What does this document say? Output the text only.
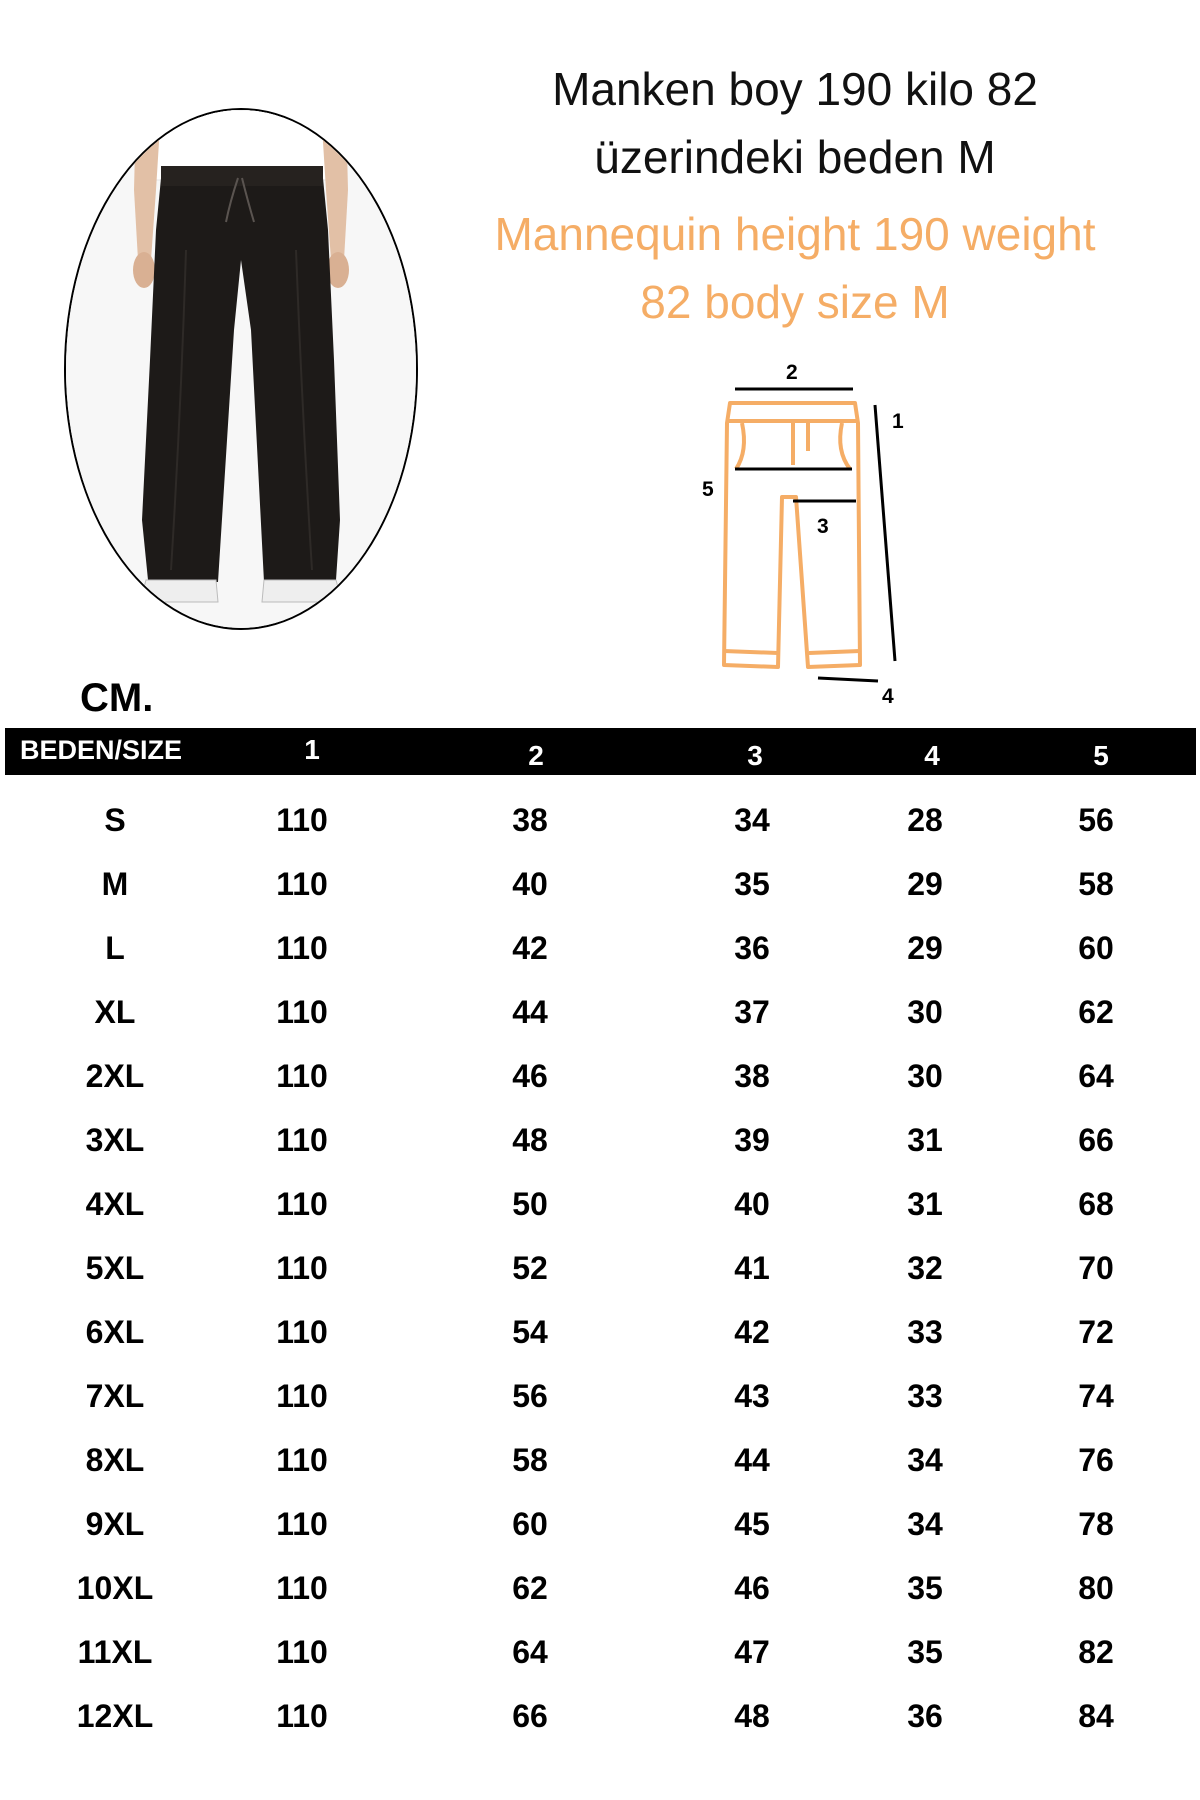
Manken boy 190 kilo 82
üzerindeki beden M
Mannequin height 190 weight
82 body size M
2
1
5
3
4
CM.
BEDEN/SIZE	1	2	3	4	5
S	110	38	34	28	56
M	110	40	35	29	58
L	110	42	36	29	60
XL	110	44	37	30	62
2XL	110	46	38	30	64
3XL	110	48	39	31	66
4XL	110	50	40	31	68
5XL	110	52	41	32	70
6XL	110	54	42	33	72
7XL	110	56	43	33	74
8XL	110	58	44	34	76
9XL	110	60	45	34	78
10XL	110	62	46	35	80
11XL	110	64	47	35	82
12XL	110	66	48	36	84
